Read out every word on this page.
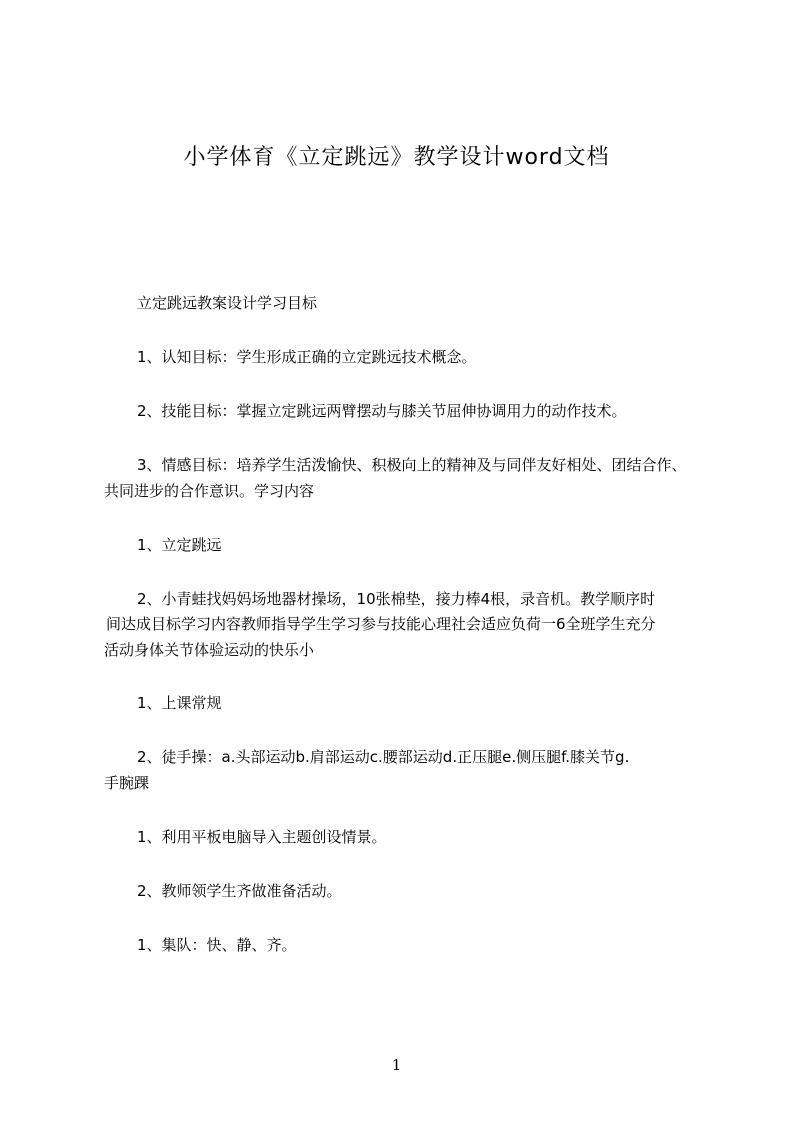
小学体育《立定跳远》教学设计word文档
立定跳远教案设计学习目标
1、认知目标：学生形成正确的立定跳远技术概念。
2、技能目标：掌握立定跳远两臂摆动与膝关节屈伸协调用力的动作技术。
3、情感目标：培养学生活泼愉快、积极向上的精神及与同伴友好相处、团结合作、
共同进步的合作意识。学习内容
1、立定跳远
2、小青蛙找妈妈场地器材操场，10张棉垫，接力棒4根，录音机。教学顺序时
间达成目标学习内容教师指导学生学习参与技能心理社会适应负荷一6全班学生充分
活动身体关节体验运动的快乐小
1、上课常规
2、徒手操：a.头部运动b.肩部运动c.腰部运动d.正压腿e.侧压腿f.膝关节g.
手腕踝
1、利用平板电脑导入主题创设情景。
2、教师领学生齐做准备活动。
1、集队：快、静、齐。
1
